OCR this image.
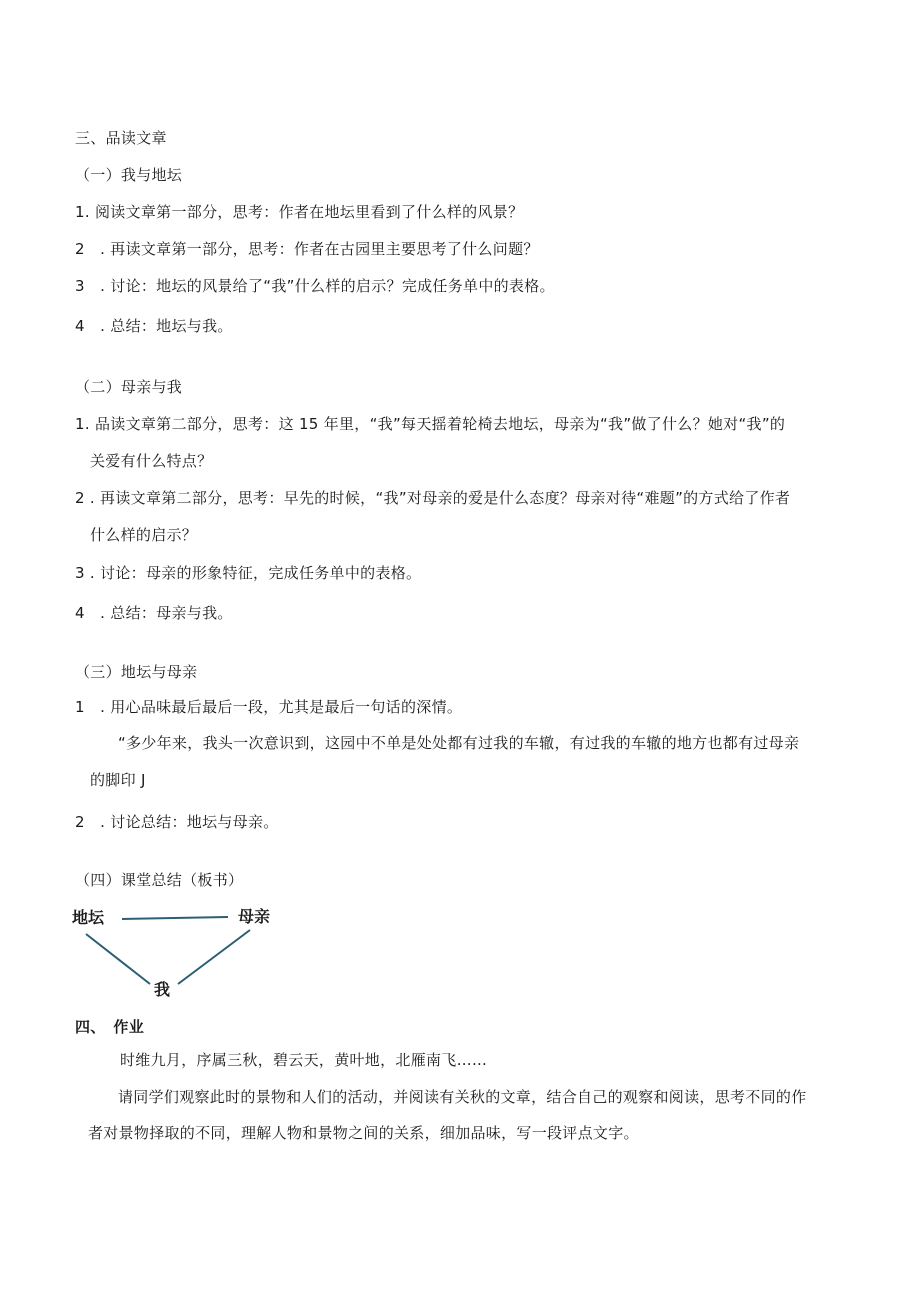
三、品读文章
（一）我与地坛
1. 阅读文章第一部分，思考：作者在地坛里看到了什么样的风景？
2　. 再读文章第一部分，思考：作者在古园里主要思考了什么问题？
3　. 讨论：地坛的风景给了“我”什么样的启示？完成任务单中的表格。
4　. 总结：地坛与我。
（二）母亲与我
1. 品读文章第二部分，思考：这 15 年里，“我”每天摇着轮椅去地坛，母亲为“我”做了什么？她对“我”的
关爱有什么特点？
2 . 再读文章第二部分，思考：早先的时候，“我”对母亲的爱是什么态度？母亲对待“难题”的方式给了作者
什么样的启示？
3 . 讨论：母亲的形象特征，完成任务单中的表格。
4　. 总结：母亲与我。
（三）地坛与母亲
1　. 用心品味最后最后一段，尤其是最后一句话的深情。
“多少年来，我头一次意识到，这园中不单是处处都有过我的车辙，有过我的车辙的地方也都有过母亲
的脚印 J
2　. 讨论总结：地坛与母亲。
（四）课堂总结（板书）
地坛	母亲
我
四、　作业
时维九月，序属三秋，碧云天，黄叶地，北雁南飞……
请同学们观察此时的景物和人们的活动，并阅读有关秋的文章，结合自己的观察和阅读，思考不同的作
者对景物择取的不同，理解人物和景物之间的关系，细加品味，写一段评点文字。
